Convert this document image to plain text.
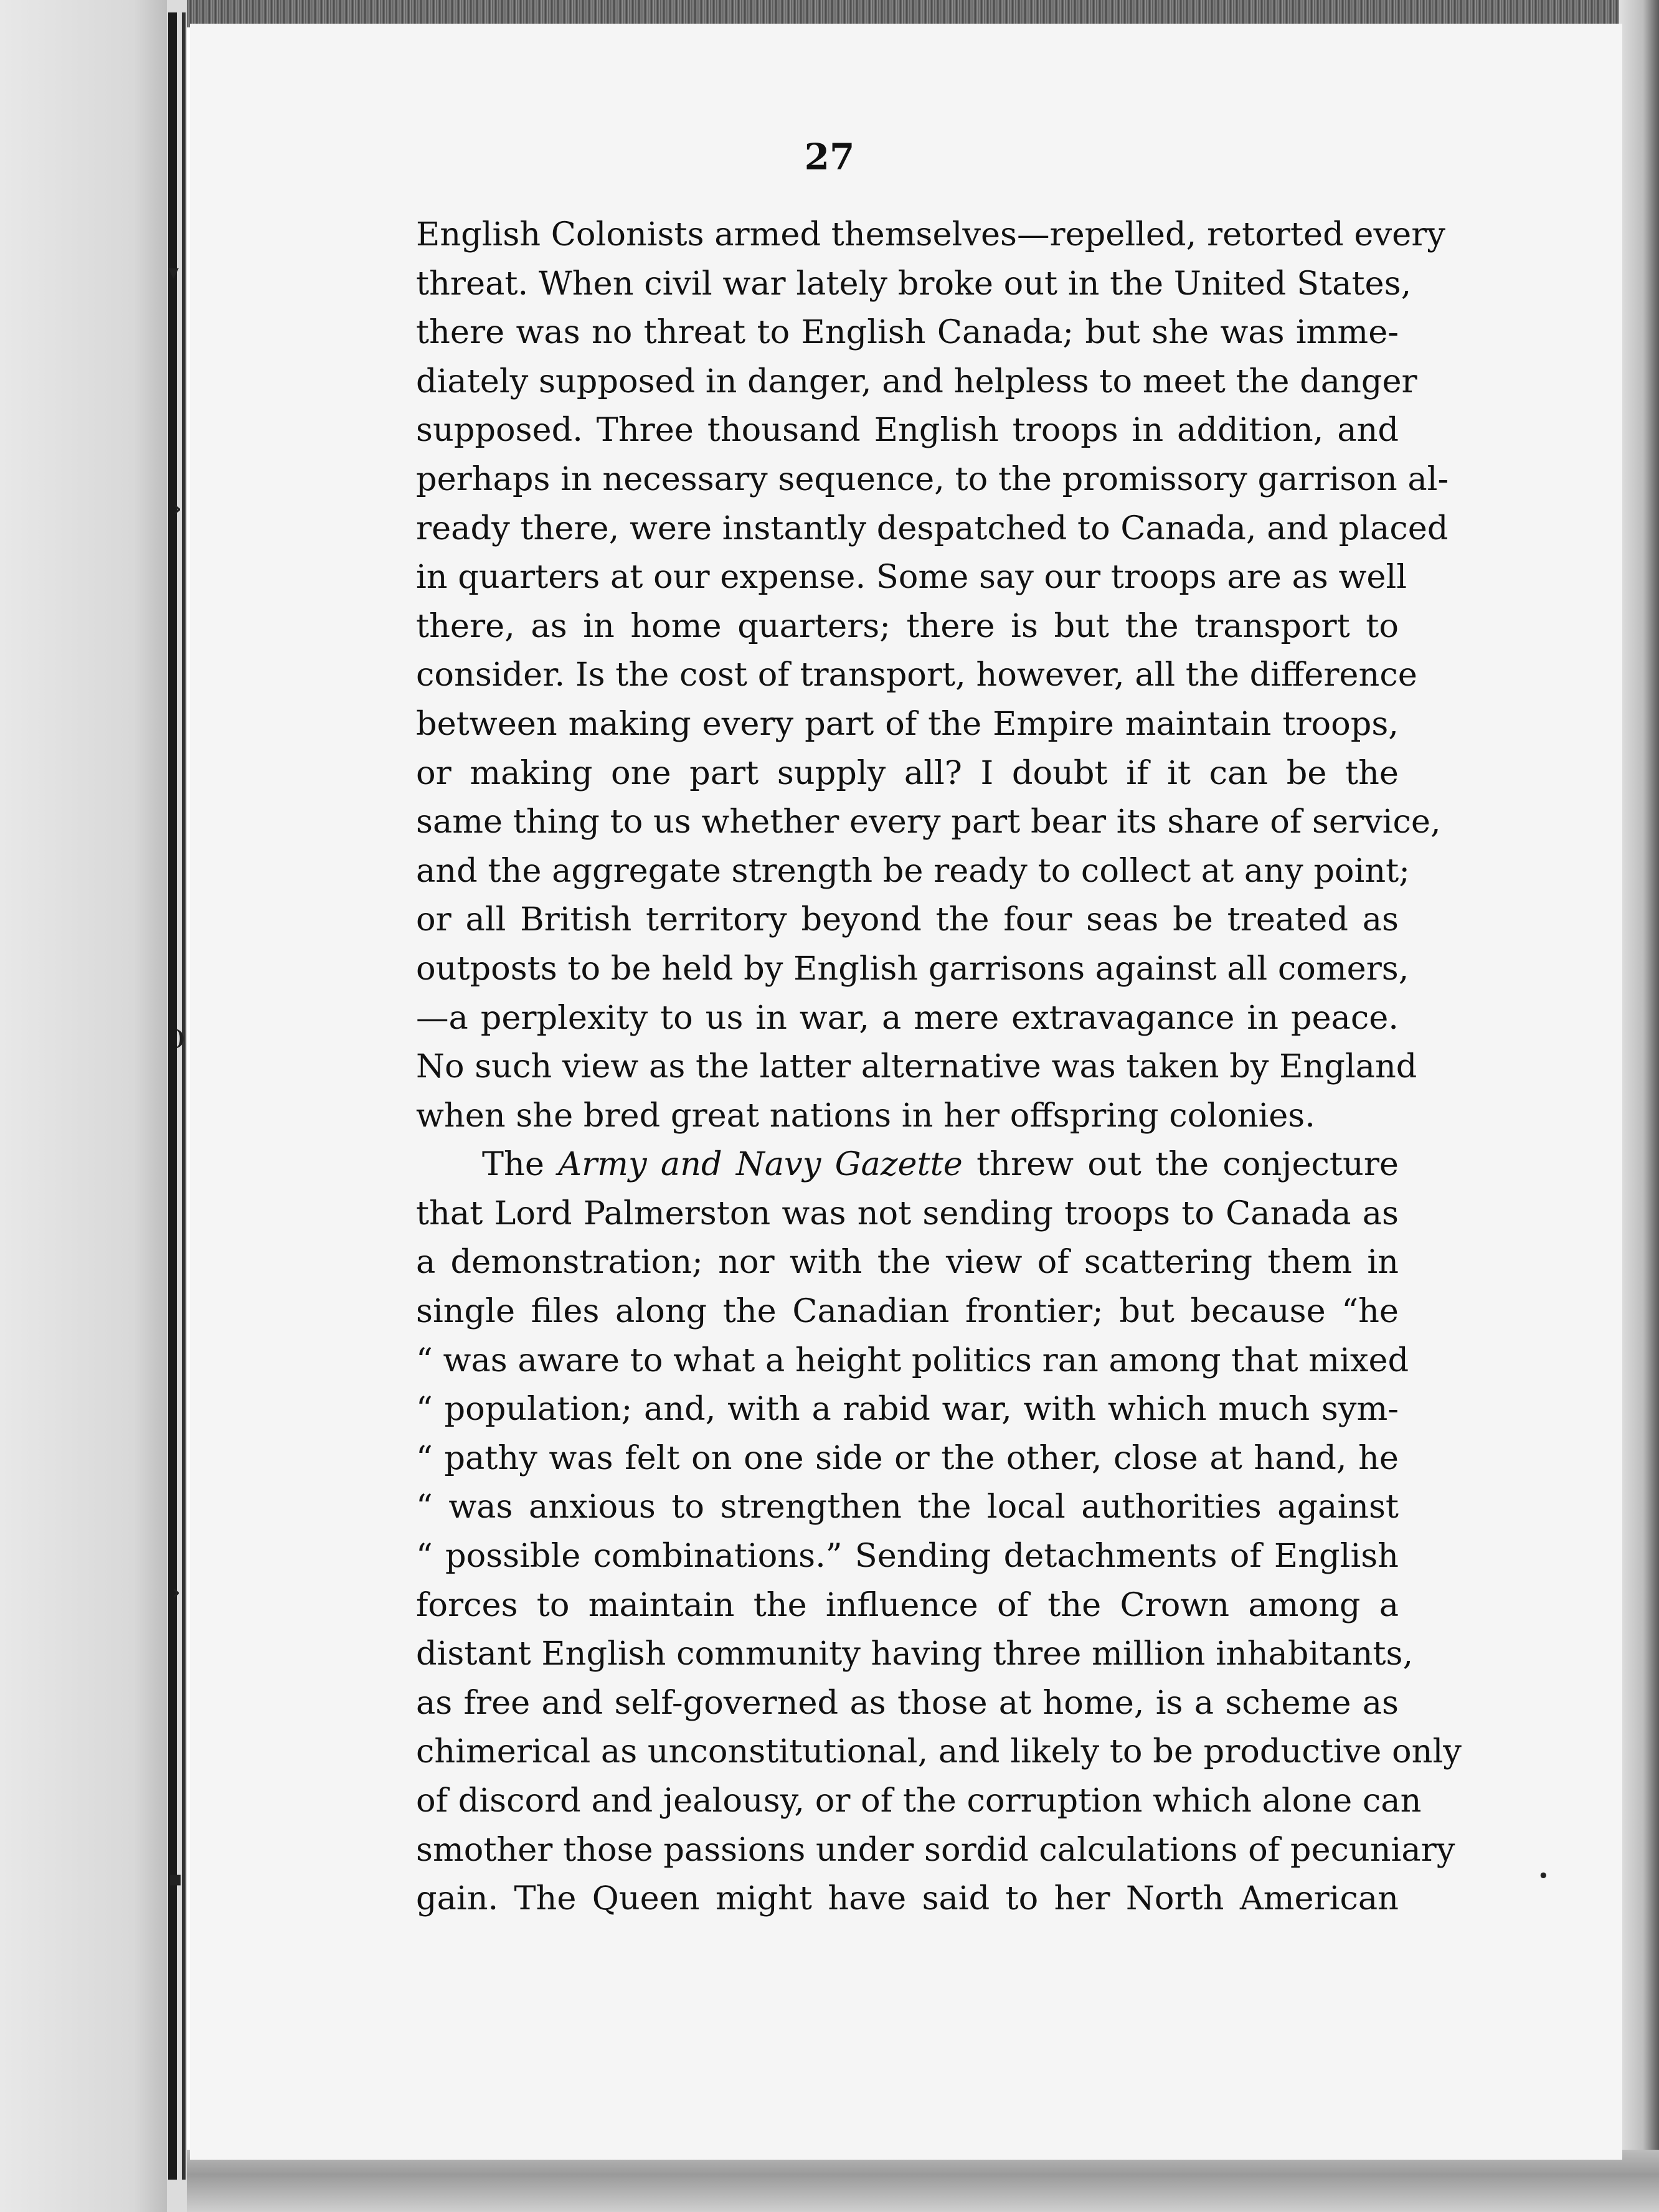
▾
›
)
›
▪	•
27
English Colonists armed themselves—repelled, retorted every
threat. When civil war lately broke out in the United States,
there was no threat to English Canada; but she was imme-
diately supposed in danger, and helpless to meet the danger
supposed. Three thousand English troops in addition, and
perhaps in necessary sequence, to the promissory garrison al-
ready there, were instantly despatched to Canada, and placed
in quarters at our expense. Some say our troops are as well
there, as in home quarters; there is but the transport to
consider. Is the cost of transport, however, all the difference
between making every part of the Empire maintain troops,
or making one part supply all? I doubt if it can be the
same thing to us whether every part bear its share of service,
and the aggregate strength be ready to collect at any point;
or all British territory beyond the four seas be treated as
outposts to be held by English garrisons against all comers,
—a perplexity to us in war, a mere extravagance in peace.
No such view as the latter alternative was taken by England
when she bred great nations in her offspring colonies.
The Army and Navy Gazette threw out the conjecture
that Lord Palmerston was not sending troops to Canada as
a demonstration; nor with the view of scattering them in
single files along the Canadian frontier; but because “he
“ was aware to what a height politics ran among that mixed
“ population; and, with a rabid war, with which much sym-
“ pathy was felt on one side or the other, close at hand, he
“ was anxious to strengthen the local authorities against
“ possible combinations.” Sending detachments of English
forces to maintain the influence of the Crown among a
distant English community having three million inhabitants,
as free and self-governed as those at home, is a scheme as
chimerical as unconstitutional, and likely to be productive only
of discord and jealousy, or of the corruption which alone can
smother those passions under sordid calculations of pecuniary
gain. The Queen might have said to her North American
